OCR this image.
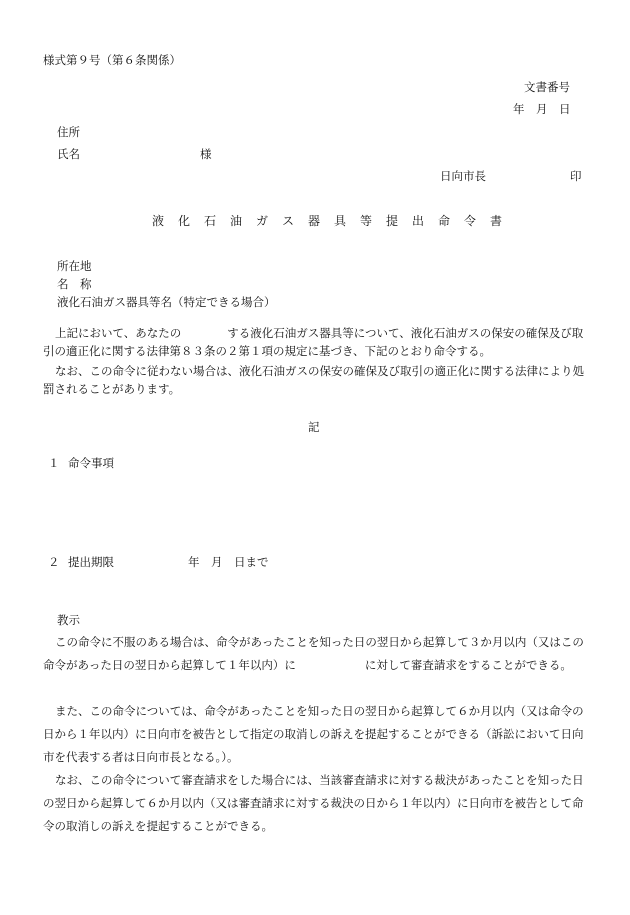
様式第９号（第６条関係）
文書番号
年　月　日
住所
氏名	様
日向市長	印
液化石油ガス器具等提出命令書
所在地
名　称
液化石油ガス器具等名（特定できる場合）
上記において、あなたの　　　　する液化石油ガス器具等について、液化石油ガスの保安の確保及び取引の適正化に関する法律第８３条の２第１項の規定に基づき、下記のとおり命令する。
なお、この命令に従わない場合は、液化石油ガスの保安の確保及び取引の適正化に関する法律により処罰されることがあります。
記
１ 命令事項
２ 提出期限	年　月　日まで
教示
この命令に不服のある場合は、命令があったことを知った日の翌日から起算して３か月以内（又はこの命令があった日の翌日から起算して１年以内）に　　　　　　に対して審査請求をすることができる。
また、この命令については、命令があったことを知った日の翌日から起算して６か月以内（又は命令の日から１年以内）に日向市を被告として指定の取消しの訴えを提起することができる（訴訟において日向市を代表する者は日向市長となる。）。
なお、この命令について審査請求をした場合には、当該審査請求に対する裁決があったことを知った日の翌日から起算して６か月以内（又は審査請求に対する裁決の日から１年以内）に日向市を被告として命令の取消しの訴えを提起することができる。
